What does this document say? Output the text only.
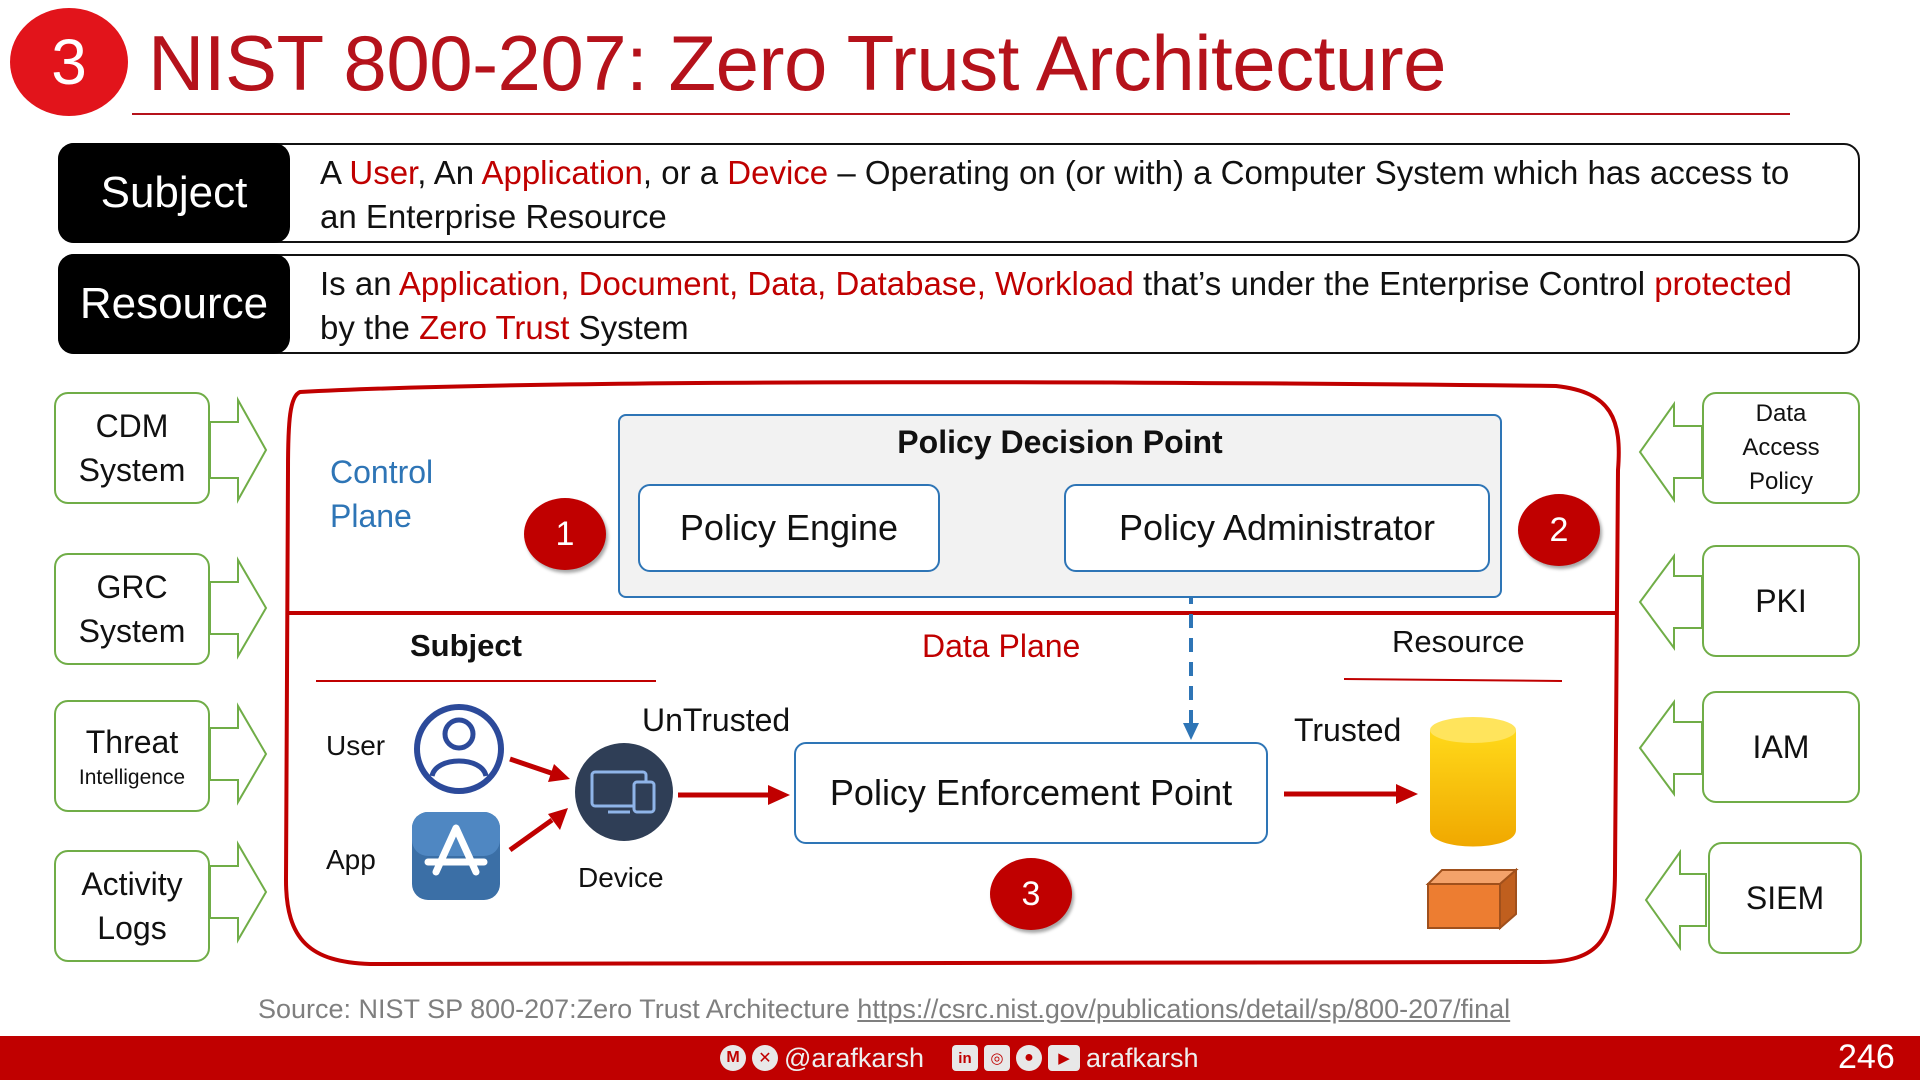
3 NIST 800-207: Zero Trust Architecture
Subject	A User, An Application, or a Device – Operating on (or with) a Computer System which has access to an Enterprise Resource
Resource	Is an Application, Document, Data, Database, Workload that’s under the Enterprise Control protected by the Zero Trust System
CDM
System
GRC
System
Threat
Intelligence
Activity
Logs
Data
Access
Policy
PKI
IAM
SIEM
Control
Plane	1	2
Policy Decision Point
Policy Engine	Policy Administrator
Subject	Data Plane	Resource
User
App
Device
UnTrusted	Trusted
Policy Enforcement Point
3
Source: NIST SP 800-207:Zero Trust Architecture https://csrc.nist.gov/publications/detail/sp/800-207/final
M	✕ @arafkarsh	in	◎	●	▶ arafkarsh	246
